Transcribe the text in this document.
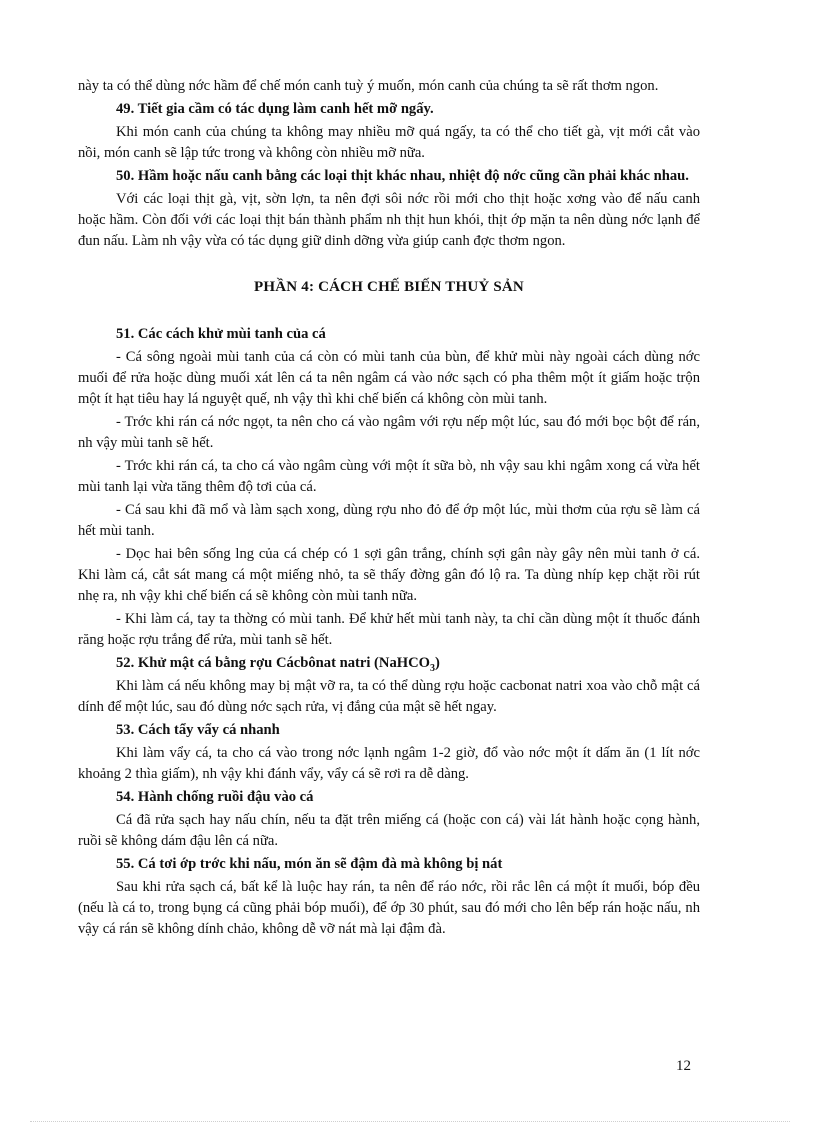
này ta có thể dùng nớc hầm để chế món canh tuỳ ý muốn, món canh của chúng ta sẽ rất thơm ngon.

49. Tiết gia cầm có tác dụng làm canh hết mỡ ngấy.

Khi món canh của chúng ta không may nhiều mỡ quá ngấy, ta có thể cho tiết gà, vịt mới cắt vào nồi, món canh sẽ lập tức trong và không còn nhiều mỡ nữa.

50. Hầm hoặc nấu canh bằng các loại thịt khác nhau, nhiệt độ nớc cũng cần phải khác nhau.

Với các loại thịt gà, vịt, sờn lợn, ta nên đợi sôi nớc rồi mới cho thịt hoặc xơng vào để nấu canh hoặc hầm. Còn đối với các loại thịt bán thành phẩm nh thịt hun khói, thịt ớp mặn ta nên dùng nớc lạnh để đun nấu. Làm nh vậy vừa có tác dụng giữ dinh dỡng vừa giúp canh đợc thơm ngon.

PHẦN 4: CÁCH CHẾ BIẾN THUỶ SẢN
51. Các cách khử mùi tanh của cá

- Cá sông ngoài mùi tanh của cá còn có mùi tanh của bùn, để khử mùi này ngoài cách dùng nớc muối để rửa hoặc dùng muối xát lên cá ta nên ngâm cá vào nớc sạch có pha thêm một ít giấm hoặc trộn một ít hạt tiêu hay lá nguyệt quế, nh vậy thì khi chế biến cá không còn mùi tanh.

- Trớc khi rán cá nớc ngọt, ta nên cho cá vào ngâm với rợu nếp một lúc, sau đó mới bọc bột để rán, nh vậy mùi tanh sẽ hết.

- Trớc khi rán cá, ta cho cá vào ngâm cùng với một ít sữa bò, nh vậy sau khi ngâm xong cá vừa hết mùi tanh lại vừa tăng thêm độ tơi của cá.

- Cá sau khi đã mổ và làm sạch xong, dùng rợu nho đỏ để ớp một lúc, mùi thơm của rợu sẽ làm cá hết mùi tanh.

- Dọc hai bên sống lng của cá chép có 1 sợi gân trắng, chính sợi gân này gây nên mùi tanh ở cá. Khi làm cá, cắt sát mang cá một miếng nhỏ, ta sẽ thấy đờng gân đó lộ ra. Ta dùng nhíp kẹp chặt rồi rút nhẹ ra, nh vậy khi chế biến cá sẽ không còn mùi tanh nữa.

- Khi làm cá, tay ta thờng có mùi tanh. Để khử hết mùi tanh này, ta chỉ cần dùng một ít thuốc đánh răng hoặc rợu trắng để rửa, mùi tanh sẽ hết.

52. Khử mật cá bằng rợu Cácbônat natri (NaHCO$_3$)

Khi làm cá nếu không may bị mật vỡ ra, ta có thể dùng rợu hoặc cacbonat natri xoa vào chỗ mật cá dính để một lúc, sau đó dùng nớc sạch rửa, vị đắng của mật sẽ hết ngay.

53. Cách tẩy vẩy cá nhanh

Khi làm vẩy cá, ta cho cá vào trong nớc lạnh ngâm 1-2 giờ, đổ vào nớc một ít dấm ăn (1 lít nớc khoảng 2 thìa giấm), nh vậy khi đánh vẩy, vẩy cá sẽ rơi ra dễ dàng.

54. Hành chống ruồi đậu vào cá

Cá đã rửa sạch hay nấu chín, nếu ta đặt trên miếng cá (hoặc con cá) vài lát hành hoặc cọng hành, ruồi sẽ không dám đậu lên cá nữa.

55. Cá tơi ớp trớc khi nấu, món ăn sẽ đậm đà mà không bị nát

Sau khi rửa sạch cá, bất kể là luộc hay rán, ta nên để ráo nớc, rồi rắc lên cá một ít muối, bóp đều (nếu là cá to, trong bụng cá cũng phải bóp muối), để ớp 30 phút, sau đó mới cho lên bếp rán hoặc nấu, nh vậy cá rán sẽ không dính chảo, không dễ vỡ nát mà lại đậm đà.

12
